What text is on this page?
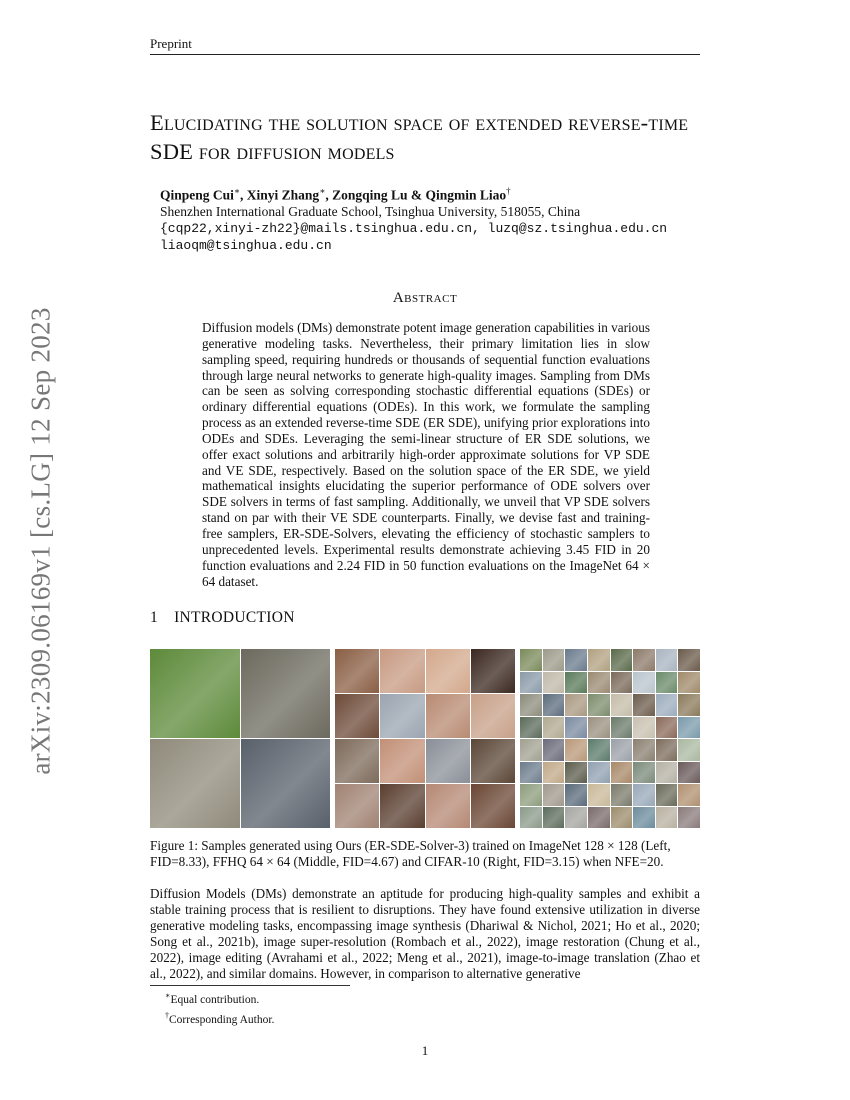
Preprint
arXiv:2309.06169v1 [cs.LG] 12 Sep 2023
Elucidating the solution space of extended reverse-time SDE for diffusion models
Qinpeng Cui∗, Xinyi Zhang∗, Zongqing Lu & Qingmin Liao†
Shenzhen International Graduate School, Tsinghua University, 518055, China
{cqp22,xinyi-zh22}@mails.tsinghua.edu.cn, luzq@sz.tsinghua.edu.cn
liaoqm@tsinghua.edu.cn
Abstract
Diffusion models (DMs) demonstrate potent image generation capabilities in various generative modeling tasks. Nevertheless, their primary limitation lies in slow sampling speed, requiring hundreds or thousands of sequential function evaluations through large neural networks to generate high-quality images. Sampling from DMs can be seen as solving corresponding stochastic differential equations (SDEs) or ordinary differential equations (ODEs). In this work, we formulate the sampling process as an extended reverse-time SDE (ER SDE), unifying prior explorations into ODEs and SDEs. Leveraging the semi-linear structure of ER SDE solutions, we offer exact solutions and arbitrarily high-order approximate solutions for VP SDE and VE SDE, respectively. Based on the solution space of the ER SDE, we yield mathematical insights elucidating the superior performance of ODE solvers over SDE solvers in terms of fast sampling. Additionally, we unveil that VP SDE solvers stand on par with their VE SDE counterparts. Finally, we devise fast and training-free samplers, ER-SDE-Solvers, elevating the efficiency of stochastic samplers to unprecedented levels. Experimental results demonstrate achieving 3.45 FID in 20 function evaluations and 2.24 FID in 50 function evaluations on the ImageNet 64 × 64 dataset.
1 INTRODUCTION
Figure 1: Samples generated using Ours (ER-SDE-Solver-3) trained on ImageNet 128 × 128 (Left, FID=8.33), FFHQ 64 × 64 (Middle, FID=4.67) and CIFAR-10 (Right, FID=3.15) when NFE=20.
Diffusion Models (DMs) demonstrate an aptitude for producing high-quality samples and exhibit a stable training process that is resilient to disruptions. They have found extensive utilization in diverse generative modeling tasks, encompassing image synthesis (Dhariwal & Nichol, 2021; Ho et al., 2020; Song et al., 2021b), image super-resolution (Rombach et al., 2022), image restoration (Chung et al., 2022), image editing (Avrahami et al., 2022; Meng et al., 2021), image-to-image translation (Zhao et al., 2022), and similar domains. However, in comparison to alternative generative
∗Equal contribution.
†Corresponding Author.
1
